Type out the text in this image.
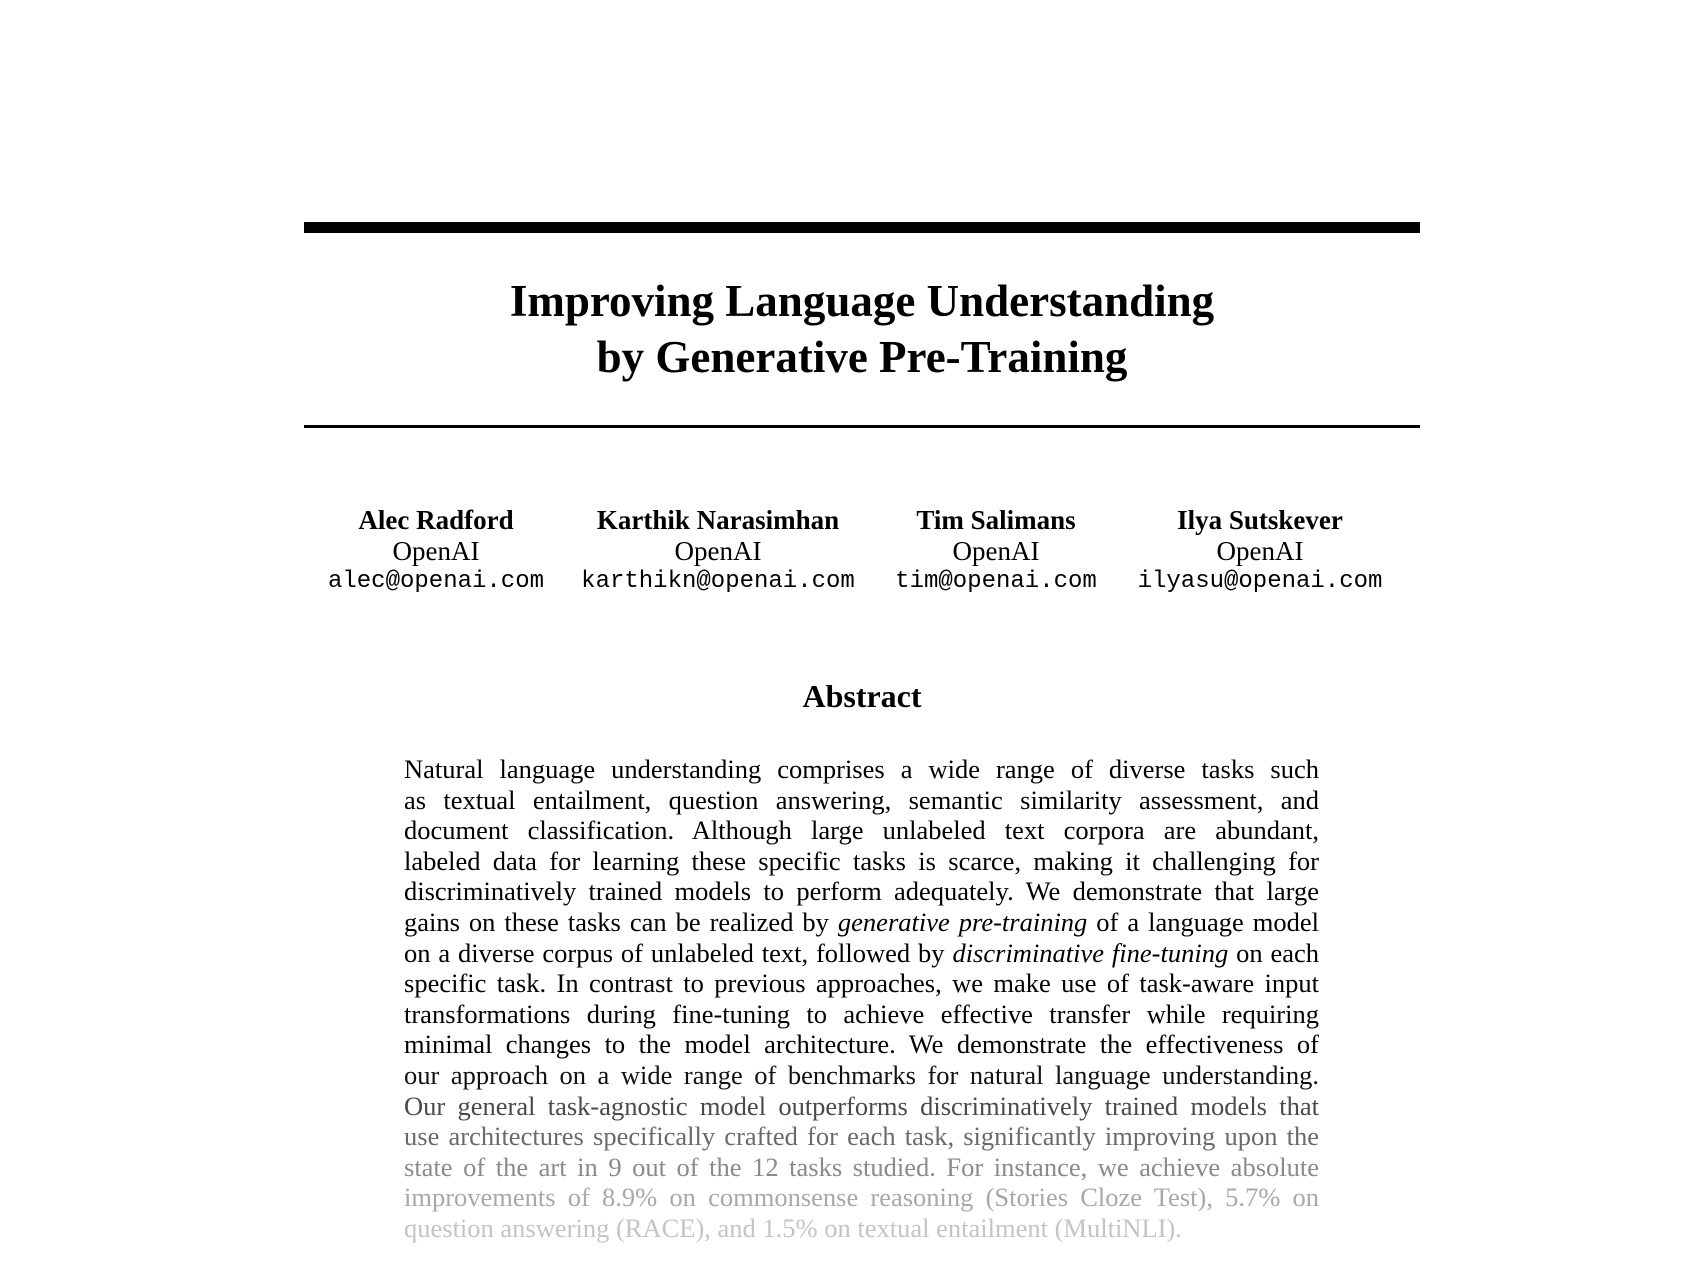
Improving Language Understanding
by Generative Pre-Training
Alec Radford
OpenAI
alec@openai.com
Karthik Narasimhan
OpenAI
karthikn@openai.com
Tim Salimans
OpenAI
tim@openai.com
Ilya Sutskever
OpenAI
ilyasu@openai.com
Abstract
Natural language understanding comprises a wide range of diverse tasks such
as textual entailment, question answering, semantic similarity assessment, and
document classification. Although large unlabeled text corpora are abundant,
labeled data for learning these specific tasks is scarce, making it challenging for
discriminatively trained models to perform adequately. We demonstrate that large
gains on these tasks can be realized by generative pre-training of a language model
on a diverse corpus of unlabeled text, followed by discriminative fine-tuning on each
specific task. In contrast to previous approaches, we make use of task-aware input
transformations during fine-tuning to achieve effective transfer while requiring
minimal changes to the model architecture. We demonstrate the effectiveness of
our approach on a wide range of benchmarks for natural language understanding.
Our general task-agnostic model outperforms discriminatively trained models that
use architectures specifically crafted for each task, significantly improving upon the
state of the art in 9 out of the 12 tasks studied. For instance, we achieve absolute
improvements of 8.9% on commonsense reasoning (Stories Cloze Test), 5.7% on
question answering (RACE), and 1.5% on textual entailment (MultiNLI).
